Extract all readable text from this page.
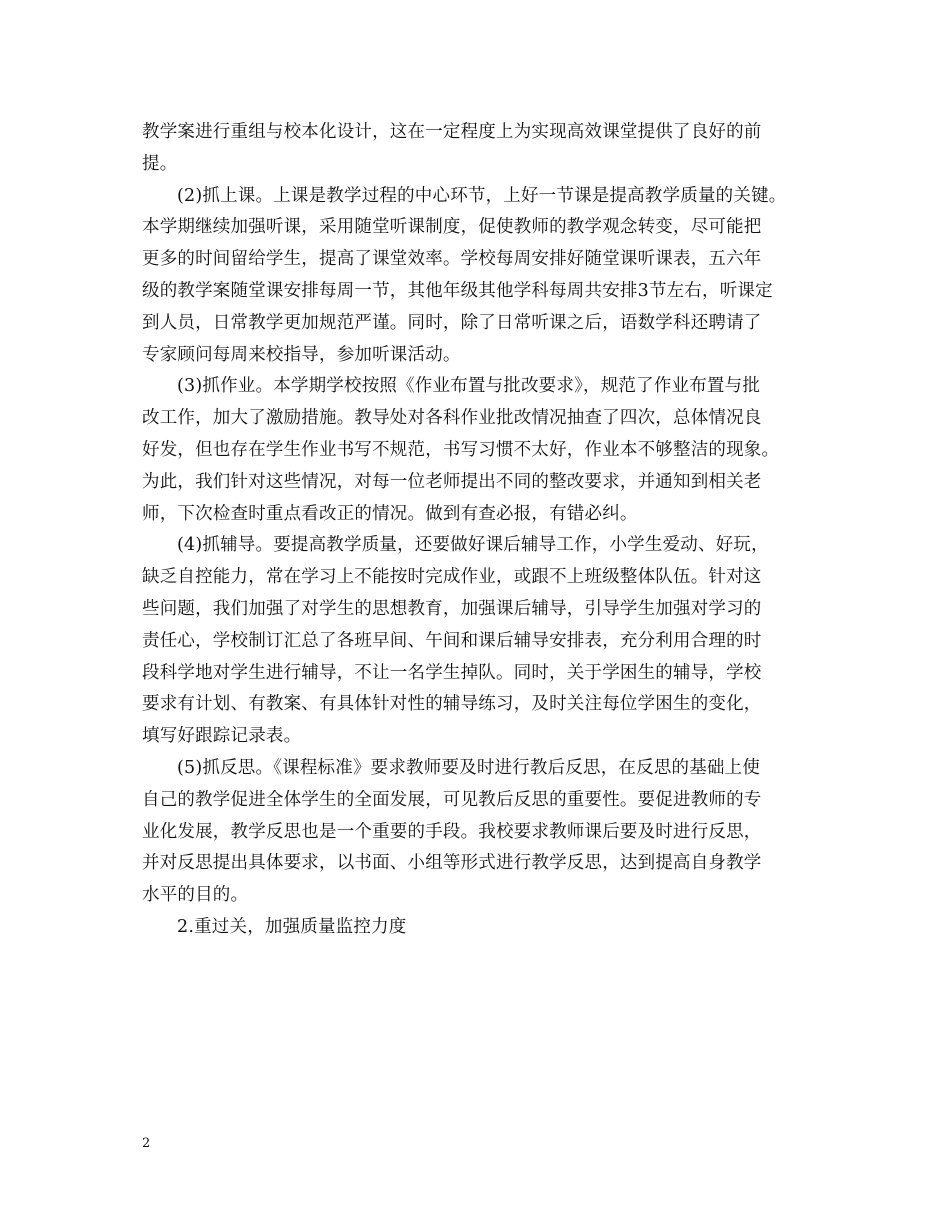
教学案进行重组与校本化设计，这在一定程度上为实现高效课堂提供了良好的前
提。
(2)抓上课。上课是教学过程的中心环节，上好一节课是提高教学质量的关键。
本学期继续加强听课，采用随堂听课制度，促使教师的教学观念转变，尽可能把
更多的时间留给学生，提高了课堂效率。学校每周安排好随堂课听课表，五六年
级的教学案随堂课安排每周一节，其他年级其他学科每周共安排3节左右，听课定
到人员，日常教学更加规范严谨。同时，除了日常听课之后，语数学科还聘请了
专家顾问每周来校指导，参加听课活动。
(3)抓作业。本学期学校按照《作业布置与批改要求》，规范了作业布置与批
改工作，加大了激励措施。教导处对各科作业批改情况抽查了四次，总体情况良
好发，但也存在学生作业书写不规范，书写习惯不太好，作业本不够整洁的现象。
为此，我们针对这些情况，对每一位老师提出不同的整改要求，并通知到相关老
师，下次检查时重点看改正的情况。做到有查必报，有错必纠。
(4)抓辅导。要提高教学质量，还要做好课后辅导工作，小学生爱动、好玩，
缺乏自控能力，常在学习上不能按时完成作业，或跟不上班级整体队伍。针对这
些问题，我们加强了对学生的思想教育，加强课后辅导，引导学生加强对学习的
责任心，学校制订汇总了各班早间、午间和课后辅导安排表，充分利用合理的时
段科学地对学生进行辅导，不让一名学生掉队。同时，关于学困生的辅导，学校
要求有计划、有教案、有具体针对性的辅导练习，及时关注每位学困生的变化，
填写好跟踪记录表。
(5)抓反思。《课程标准》要求教师要及时进行教后反思，在反思的基础上使
自己的教学促进全体学生的全面发展，可见教后反思的重要性。要促进教师的专
业化发展，教学反思也是一个重要的手段。我校要求教师课后要及时进行反思，
并对反思提出具体要求，以书面、小组等形式进行教学反思，达到提高自身教学
水平的目的。
2.重过关，加强质量监控力度
2
